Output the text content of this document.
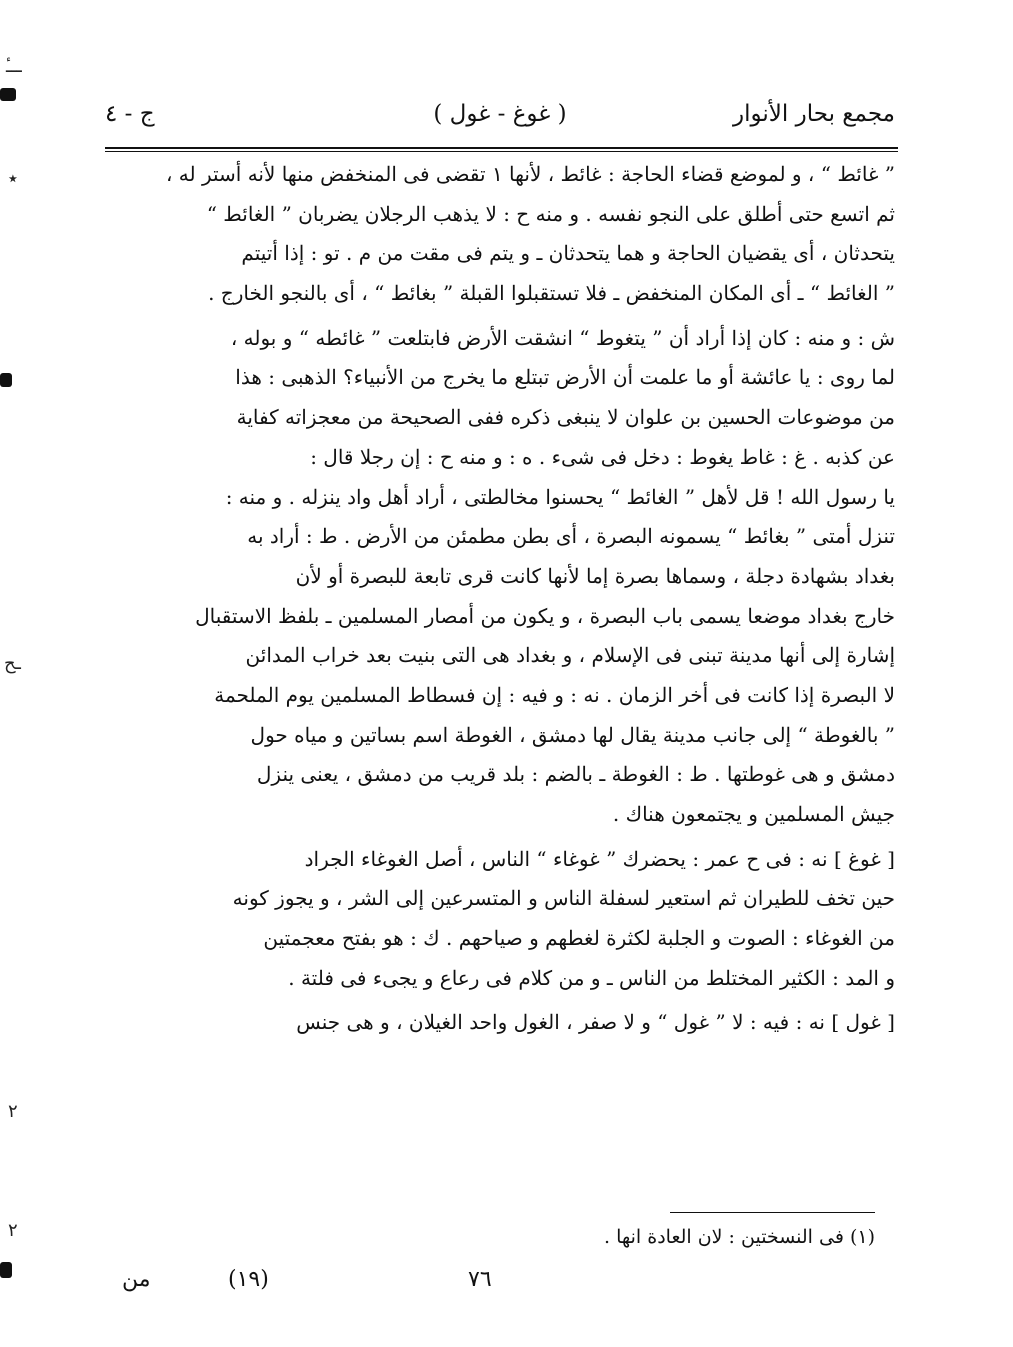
مجمع بحار الأنوار
( غوغ - غول )
ج - ٤
” غائط “ ، و لموضع قضاء الحاجة : غائط ، لأنها ١ تقضى فى المنخفض منها لأنه أستر له ،
ثم اتسع حتى أطلق على النجو نفسه . و منه ح : لا يذهب الرجلان يضربان ” الغائط “
يتحدثان ، أى يقضيان الحاجة و هما يتحدثان ـ و يتم فى مقت من م . تو : إذا أتيتم
” الغائط “ ـ أى المكان المنخفض ـ فلا تستقبلوا القبلة ” بغائط “ ، أى بالنجو الخارج .
ش : و منه : كان إذا أراد أن ” يتغوط “ انشقت الأرض فابتلعت ” غائطه “ و بوله ،
لما روى : يا عائشة أو ما علمت أن الأرض تبتلع ما يخرج من الأنبياء؟ الذهبى : هذا
من موضوعات الحسين بن علوان لا ينبغى ذكره ففى الصحيحة من معجزاته كفاية
عن كذبه . غ : غاط يغوط : دخل فى شىء . ه : و منه ح : إن رجلا قال :
يا رسول الله ! قل لأهل ” الغائط “ يحسنوا مخالطتى ، أراد أهل واد ينزله . و منه :
تنزل أمتى ” بغائط “ يسمونه البصرة ، أى بطن مطمئن من الأرض . ط : أراد به
بغداد بشهادة دجلة ، وسماها بصرة إما لأنها كانت قرى تابعة للبصرة أو لأن
خارج بغداد موضعا يسمى باب البصرة ، و يكون من أمصار المسلمين ـ بلفظ الاستقبال
إشارة إلى أنها مدينة تبنى فى الإسلام ، و بغداد هى التى بنيت بعد خراب المدائن
لا البصرة إذا كانت فى أخر الزمان . نه : و فيه : إن فسطاط المسلمين يوم الملحمة
” بالغوطة “ إلى جانب مدينة يقال لها دمشق ، الغوطة اسم بساتين و مياه حول
دمشق و هى غوطتها . ط : الغوطة ـ بالضم : بلد قريب من دمشق ، يعنى ينزل
جيش المسلمين و يجتمعون هناك .
[ غوغ ] نه : فى ح عمر : يحضرك ” غوغاء “ الناس ، أصل الغوغاء الجراد
حين تخف للطيران ثم استعير لسفلة الناس و المتسرعين إلى الشر ، و يجوز كونه
من الغوغاء : الصوت و الجلبة لكثرة لغطهم و صياحهم . ك : هو بفتح معجمتين
و المد : الكثير المختلط من الناس ـ و من كلام فى رعاع و يجىء فى فلتة .
[ غول ] نه : فيه : لا ” غول “ و لا صفر ، الغول واحد الغيلان ، و هى جنس
(١) فى النسختين : لان العادة انها .
من	(١٩)	٧٦
ـــٔ
٭
ـح
٢
٢
